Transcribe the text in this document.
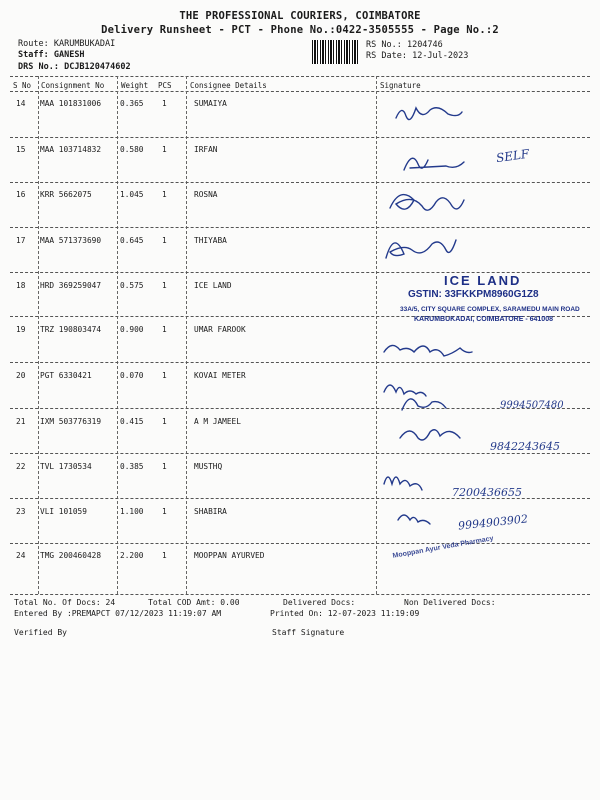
THE PROFESSIONAL COURIERS, COIMBATORE
Delivery Runsheet - PCT - Phone No.:0422-3505555 - Page No.:2
Route: KARUMBUKADAI
Staff: GANESH
DRS No.: DCJB120474602
RS No.: 1204746
RS Date: 12-Jul-2023
S No Consignment No Weight PCS Consignee Details	Signature
14 MAA 101831006 0.365 1	SUMAIYA
15 MAA 103714832 0.580 1	IRFAN
16 KRR 5662075	1.045 1	ROSNA
17 MAA 571373690 0.645 1	THIYABA
18 HRD 369259047 0.575 1	ICE LAND
19 TRZ 190803474 0.900 1	UMAR FAROOK
20 PGT 6330421	0.070 1	KOVAI METER
21 IXM 503776319 0.415 1	A M JAMEEL
22 TVL 1730534	0.385 1	MUSTHQ
23 VLI 101059	1.100 1	SHABIRA
24 TMG 200460428 2.200 1	MOOPPAN AYURVED
SELF
9994507480
9842243645
7200436655
9994903902
ICE LAND
GSTIN: 33FKKPM8960G1Z8
33A/5, CITY SQUARE COMPLEX, SARAMEDU MAIN ROAD
KARUMBUKADAI, COIMBATORE - 641008
Mooppan Ayur Veda Pharmacy
Total No. Of Docs: 24	Total COD Amt: 0.00	Delivered Docs:	Non Delivered Docs:
Entered By :PREMAPCT 07/12/2023 11:19:07 AM	Printed On: 12-07-2023 11:19:09
Verified By	Staff Signature
